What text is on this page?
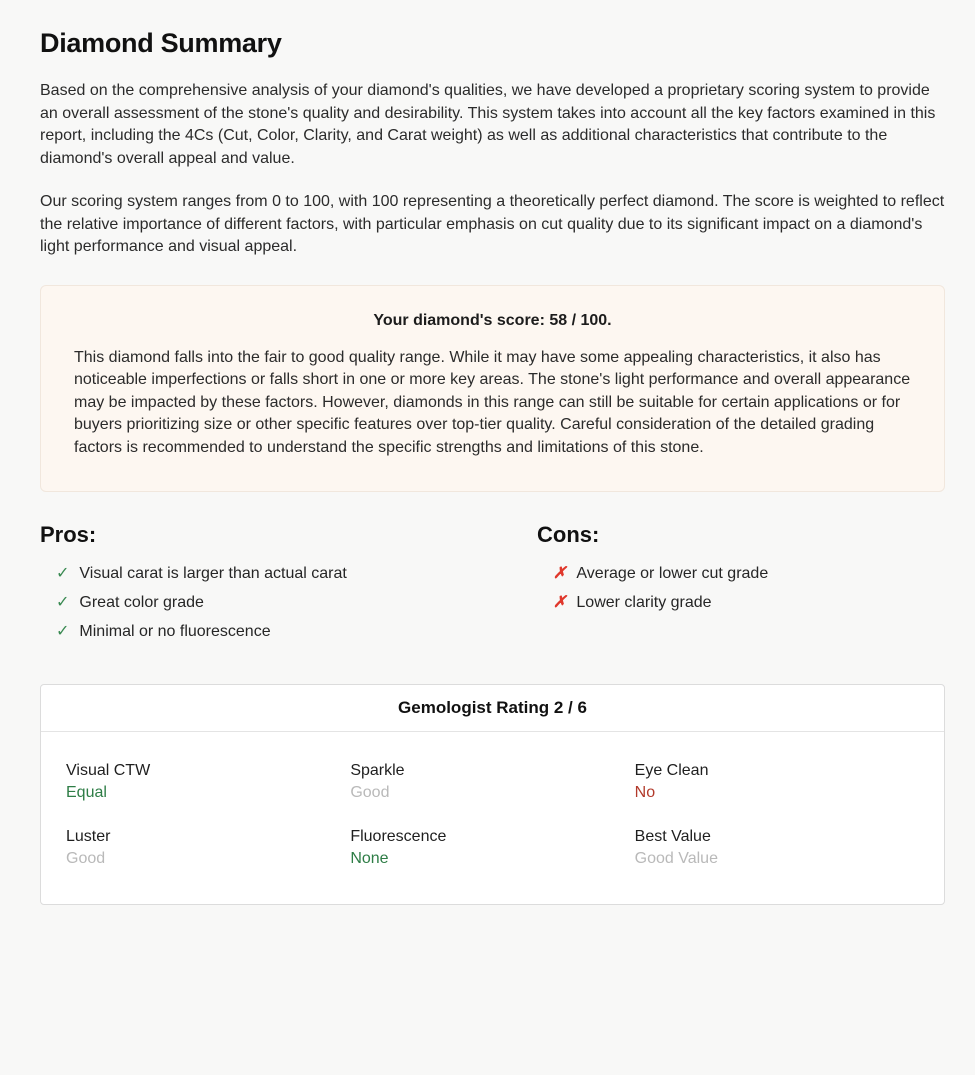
Diamond Summary

Based on the comprehensive analysis of your diamond's qualities, we have developed a proprietary scoring system to provide an overall assessment of the stone's quality and desirability. This system takes into account all the key factors examined in this report, including the 4Cs (Cut, Color, Clarity, and Carat weight) as well as additional characteristics that contribute to the diamond's overall appeal and value.

Our scoring system ranges from 0 to 100, with 100 representing a theoretically perfect diamond. The score is weighted to reflect the relative importance of different factors, with particular emphasis on cut quality due to its significant impact on a diamond's light performance and visual appeal.

Your diamond's score: 58 / 100.

This diamond falls into the fair to good quality range. While it may have some appealing characteristics, it also has noticeable imperfections or falls short in one or more key areas. The stone's light performance and overall appearance may be impacted by these factors. However, diamonds in this range can still be suitable for certain applications or for buyers prioritizing size or other specific features over top-tier quality. Careful consideration of the detailed grading factors is recommended to understand the specific strengths and limitations of this stone.

Pros:
✓ Visual carat is larger than actual carat
✓ Great color grade
✓ Minimal or no fluorescence
Cons:
✗ Average or lower cut grade
✗ Lower clarity grade
Gemologist Rating 2 / 6
Visual CTW
Equal
Sparkle
Good
Eye Clean
No
Luster
Good
Fluorescence
None
Best Value
Good Value
